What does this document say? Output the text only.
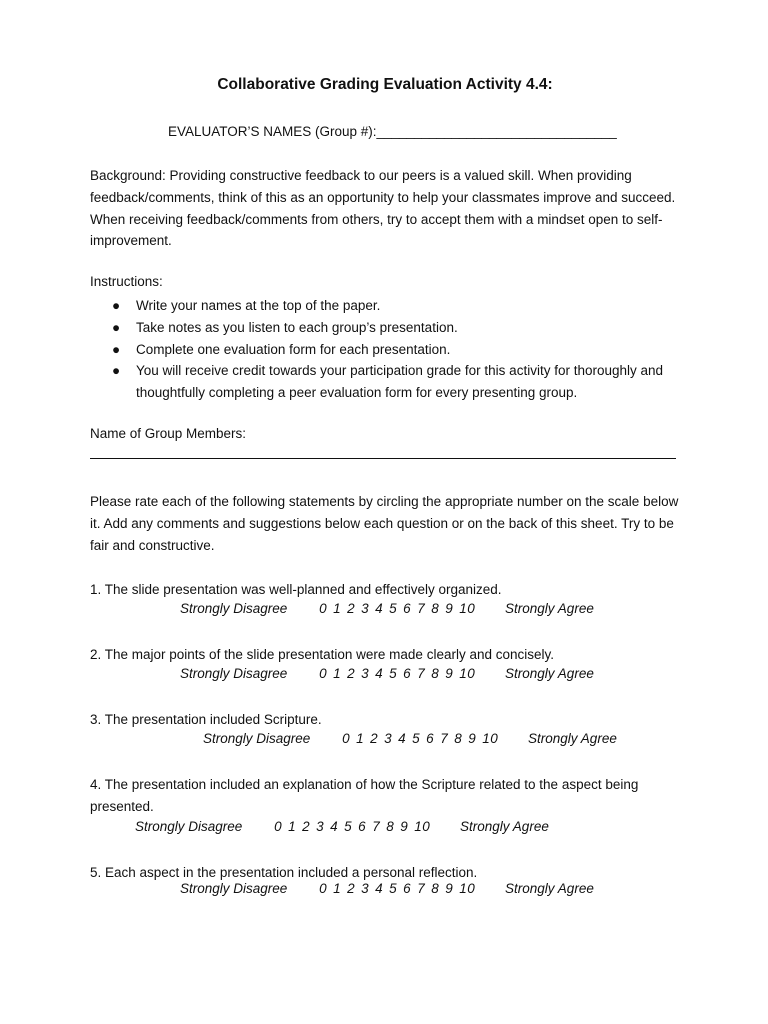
Collaborative Grading Evaluation Activity 4.4:
EVALUATOR’S NAMES (Group #):________________________________
Background: Providing constructive feedback to our peers is a valued skill. When providing feedback/comments, think of this as an opportunity to help your classmates improve and succeed. When receiving feedback/comments from others, try to accept them with a mindset open to self-improvement.
Instructions:
● Write your names at the top of the paper.
● Take notes as you listen to each group’s presentation.
● Complete one evaluation form for each presentation.
● You will receive credit towards your participation grade for this activity for thoroughly and thoughtfully completing a peer evaluation form for every presenting group.
Name of Group Members:
Please rate each of the following statements by circling the appropriate number on the scale below it. Add any comments and suggestions below each question or on the back of this sheet. Try to be fair and constructive.
1. The slide presentation was well-planned and effectively organized.
Strongly Disagree 0 1 2 3 4 5 6 7 8 9 10 Strongly Agree
2. The major points of the slide presentation were made clearly and concisely.
Strongly Disagree 0 1 2 3 4 5 6 7 8 9 10 Strongly Agree
3. The presentation included Scripture.
Strongly Disagree 0 1 2 3 4 5 6 7 8 9 10 Strongly Agree
4. The presentation included an explanation of how the Scripture related to the aspect being presented.
Strongly Disagree 0 1 2 3 4 5 6 7 8 9 10 Strongly Agree
5. Each aspect in the presentation included a personal reflection.
Strongly Disagree 0 1 2 3 4 5 6 7 8 9 10 Strongly Agree
